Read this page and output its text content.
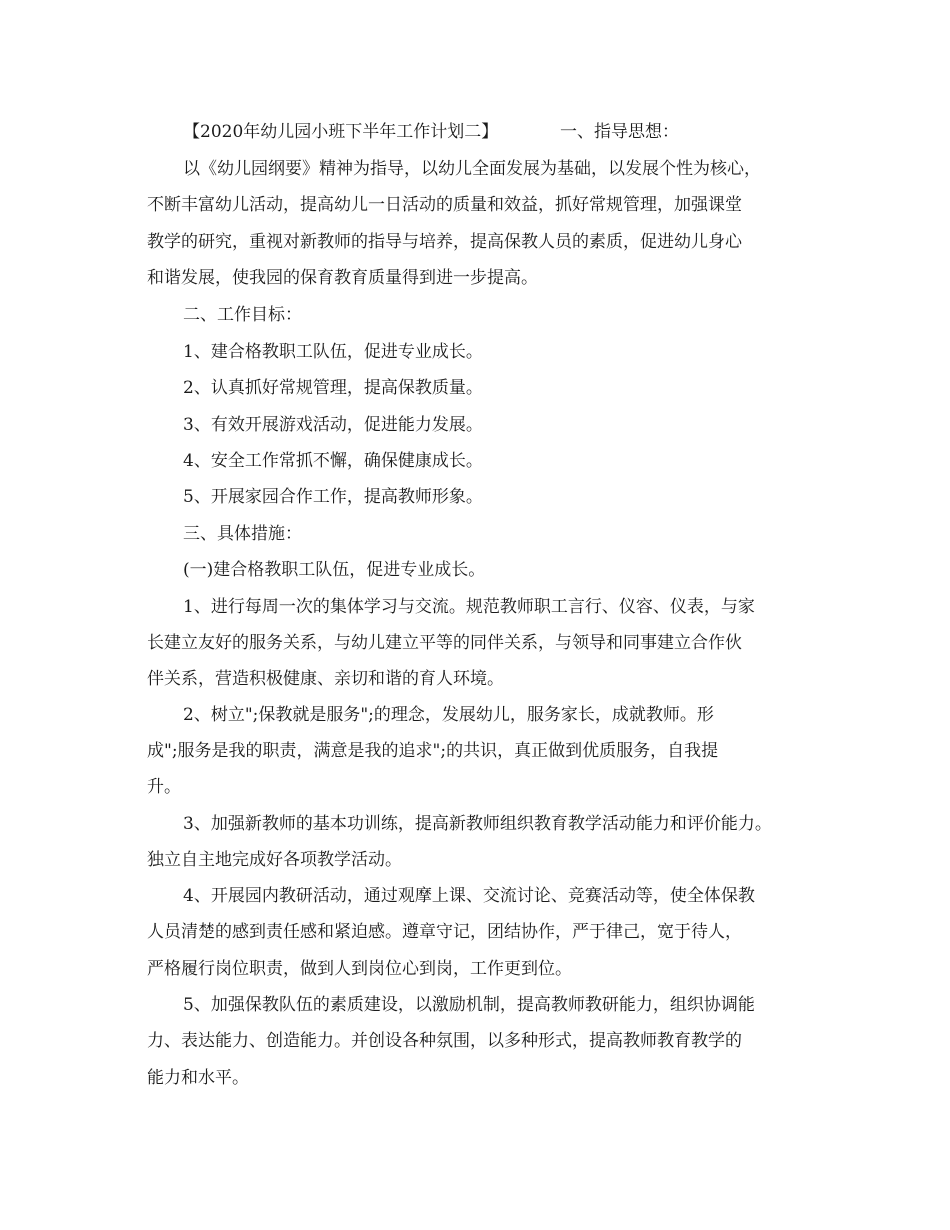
【2020年幼儿园小班下半年工作计划二】	一、指导思想：

以《幼儿园纲要》精神为指导，以幼儿全面发展为基础，以发展个性为核心，

不断丰富幼儿活动，提高幼儿一日活动的质量和效益，抓好常规管理，加强课堂

教学的研究，重视对新教师的指导与培养，提高保教人员的素质，促进幼儿身心

和谐发展，使我园的保育教育质量得到进一步提高。

二、工作目标：

1、建合格教职工队伍，促进专业成长。

2、认真抓好常规管理，提高保教质量。

3、有效开展游戏活动，促进能力发展。

4、安全工作常抓不懈，确保健康成长。

5、开展家园合作工作，提高教师形象。

三、具体措施：

(一)建合格教职工队伍，促进专业成长。

1、进行每周一次的集体学习与交流。规范教师职工言行、仪容、仪表，与家

长建立友好的服务关系，与幼儿建立平等的同伴关系，与领导和同事建立合作伙

伴关系，营造积极健康、亲切和谐的育人环境。

2、树立";保教就是服务";的理念，发展幼儿，服务家长，成就教师。形

成";服务是我的职责，满意是我的追求";的共识，真正做到优质服务，自我提

升。

3、加强新教师的基本功训练，提高新教师组织教育教学活动能力和评价能力。

独立自主地完成好各项教学活动。

4、开展园内教研活动，通过观摩上课、交流讨论、竞赛活动等，使全体保教

人员清楚的感到责任感和紧迫感。遵章守记，团结协作，严于律己，宽于待人，

严格履行岗位职责，做到人到岗位心到岗，工作更到位。

5、加强保教队伍的素质建设，以激励机制，提高教师教研能力，组织协调能

力、表达能力、创造能力。并创设各种氛围，以多种形式，提高教师教育教学的

能力和水平。
